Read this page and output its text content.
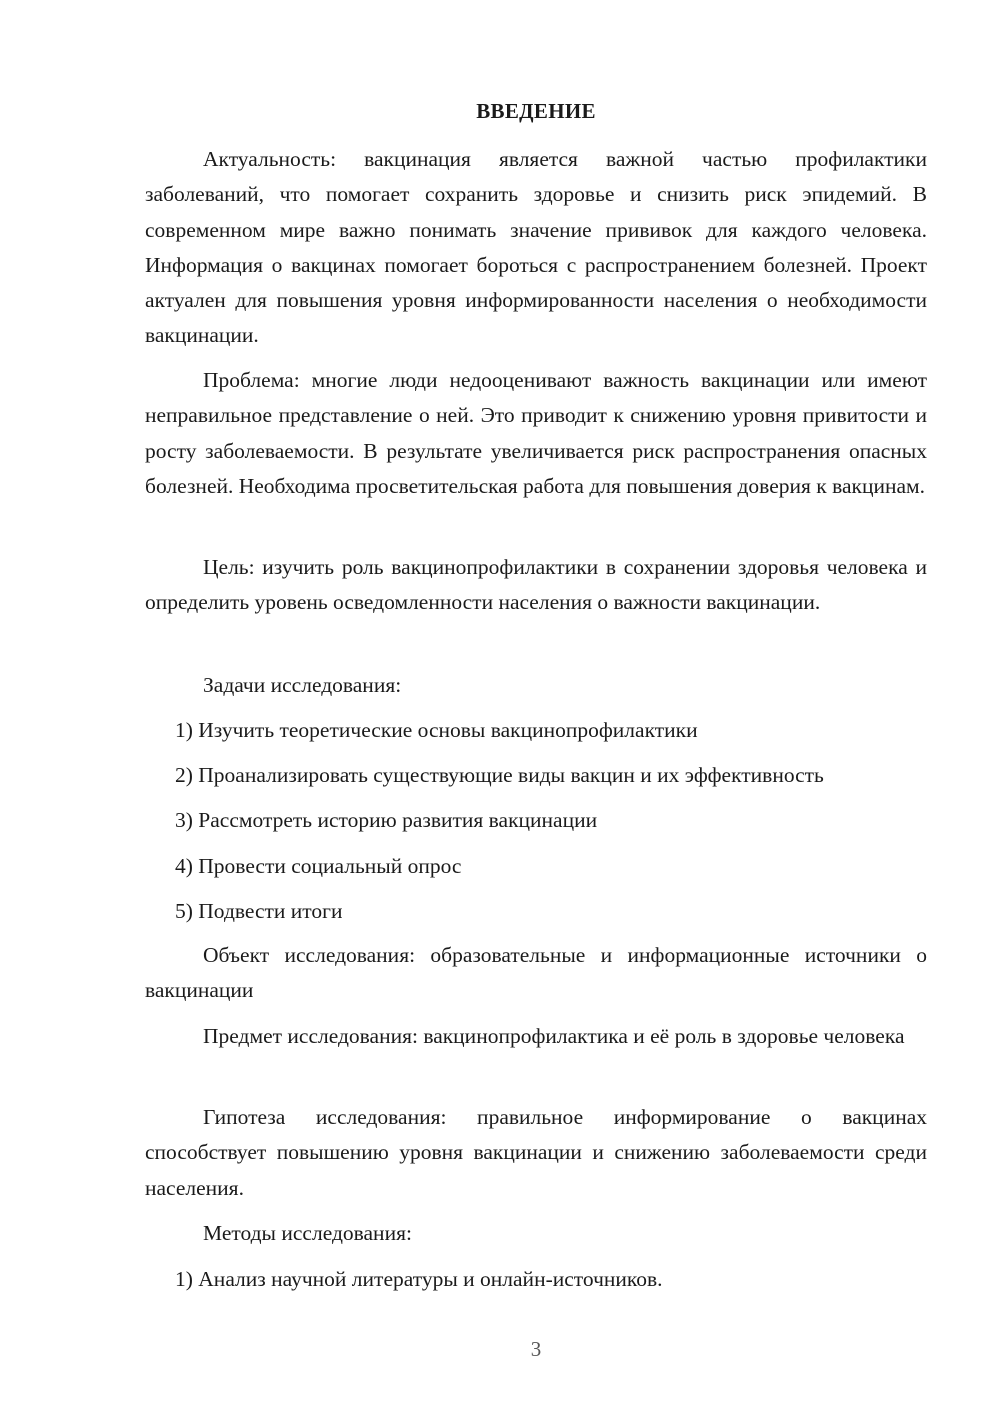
ВВЕДЕНИЕ

Актуальность: вакцинация является важной частью профилактики заболеваний, что помогает сохранить здоровье и снизить риск эпидемий. В современном мире важно понимать значение прививок для каждого человека. Информация о вакцинах помогает бороться с распространением болезней. Проект актуален для повышения уровня информированности населения о необходимости вакцинации.

Проблема: многие люди недооценивают важность вакцинации или имеют неправильное представление о ней. Это приводит к снижению уровня привитости и росту заболеваемости. В результате увеличивается риск распространения опасных болезней. Необходима просветительская работа для повышения доверия к вакцинам.

Цель: изучить роль вакцинопрофилактики в сохранении здоровья человека и определить уровень осведомленности населения о важности вакцинации.

Задачи исследования:

1) Изучить теоретические основы вакцинопрофилактики

2) Проанализировать существующие виды вакцин и их эффективность

3) Рассмотреть историю развития вакцинации

4) Провести социальный опрос

5) Подвести итоги

Объект исследования: образовательные и информационные источники о вакцинации

Предмет исследования: вакцинопрофилактика и её роль в здоровье человека

Гипотеза исследования: правильное информирование о вакцинах способствует повышению уровня вакцинации и снижению заболеваемости среди населения.

Методы исследования:

1) Анализ научной литературы и онлайн-источников.

3
